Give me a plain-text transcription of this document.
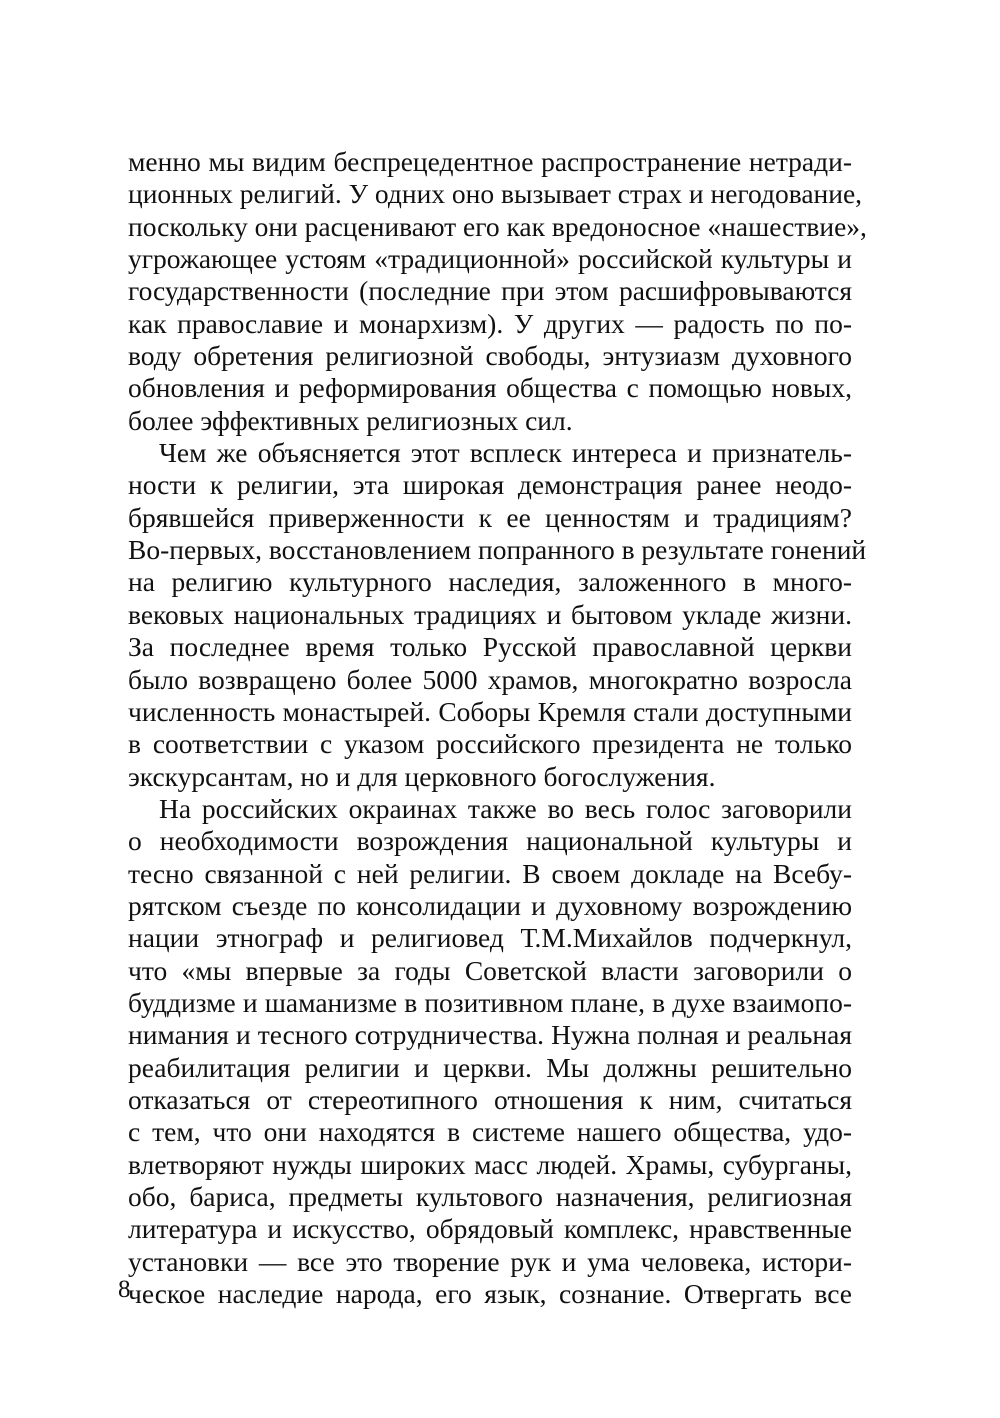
менно мы видим беспрецедентное распространение нетради-
ционных религий. У одних оно вызывает страх и негодование,
поскольку они расценивают его как вредоносное «нашествие»,
угрожающее устоям «традиционной» российской культуры и
государственности (последние при этом расшифровываются
как православие и монархизм). У других — радость по по-
воду обретения религиозной свободы, энтузиазм духовного
обновления и реформирования общества с помощью новых,
более эффективных религиозных сил.
Чем же объясняется этот всплеск интереса и признатель-
ности к религии, эта широкая демонстрация ранее неодо-
брявшейся приверженности к ее ценностям и традициям?
Во-первых, восстановлением попранного в результате гонений
на религию культурного наследия, заложенного в много-
вековых национальных традициях и бытовом укладе жизни.
За последнее время только Русской православной церкви
было возвращено более 5000 храмов, многократно возросла
численность монастырей. Соборы Кремля стали доступными
в соответствии с указом российского президента не только
экскурсантам, но и для церковного богослужения.
На российских окраинах также во весь голос заговорили
о необходимости возрождения национальной культуры и
тесно связанной с ней религии. В своем докладе на Всебу-
рятском съезде по консолидации и духовному возрождению
нации этнограф и религиовед Т.М.Михайлов подчеркнул,
что «мы впервые за годы Советской власти заговорили о
буддизме и шаманизме в позитивном плане, в духе взаимопо-
нимания и тесного сотрудничества. Нужна полная и реальная
реабилитация религии и церкви. Мы должны решительно
отказаться от стереотипного отношения к ним, считаться
с тем, что они находятся в системе нашего общества, удо-
влетворяют нужды широких масс людей. Храмы, субурганы,
обо, бариса, предметы культового назначения, религиозная
литература и искусство, обрядовый комплекс, нравственные
установки — все это творение рук и ума человека, истори-
ческое наследие народа, его язык, сознание. Отвергать все
8
